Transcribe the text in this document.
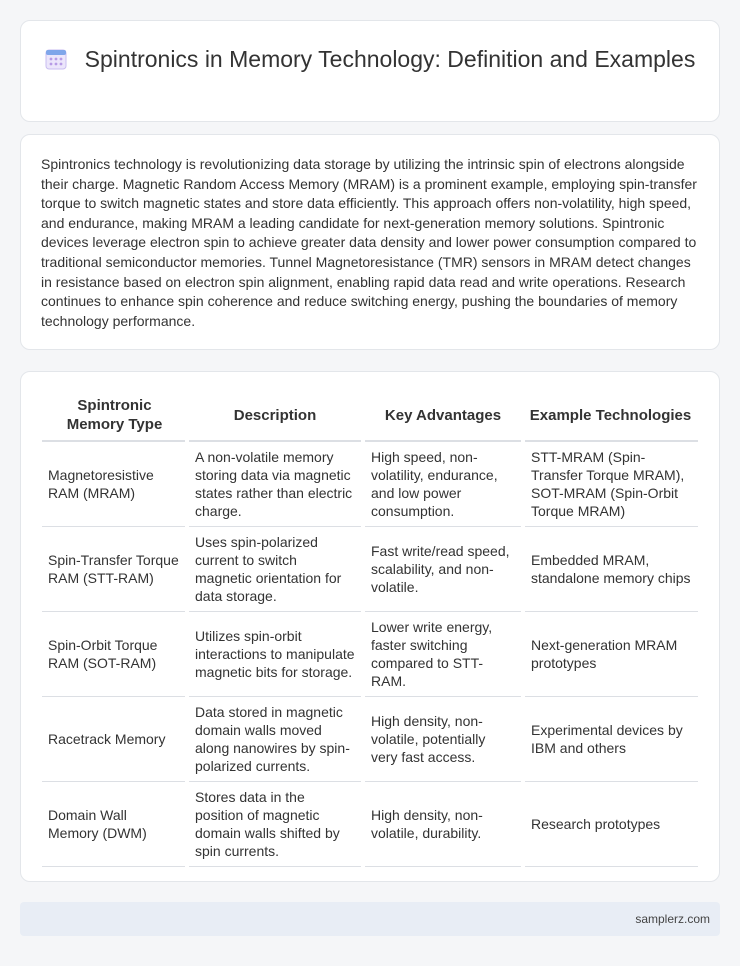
Spintronics in Memory Technology: Definition and Examples

Spintronics technology is revolutionizing data storage by utilizing the intrinsic spin of electrons alongside their charge. Magnetic Random Access Memory (MRAM) is a prominent example, employing spin-transfer torque to switch magnetic states and store data efficiently. This approach offers non-volatility, high speed, and endurance, making MRAM a leading candidate for next-generation memory solutions. Spintronic devices leverage electron spin to achieve greater data density and lower power consumption compared to traditional semiconductor memories. Tunnel Magnetoresistance (TMR) sensors in MRAM detect changes in resistance based on electron spin alignment, enabling rapid data read and write operations. Research continues to enhance spin coherence and reduce switching energy, pushing the boundaries of memory technology performance.

Spintronic Memory Type	Description	Key Advantages	Example Technologies
Magnetoresistive RAM (MRAM)	A non-volatile memory storing data via magnetic states rather than electric charge.	High speed, non-volatility, endurance, and low power consumption.	STT-MRAM (Spin-Transfer Torque MRAM), SOT-MRAM (Spin-Orbit Torque MRAM)
Spin-Transfer Torque RAM (STT-RAM)	Uses spin-polarized current to switch magnetic orientation for data storage.	Fast write/read speed, scalability, and non-volatile.	Embedded MRAM, standalone memory chips
Spin-Orbit Torque RAM (SOT-RAM)	Utilizes spin-orbit interactions to manipulate magnetic bits for storage.	Lower write energy, faster switching compared to STT-RAM.	Next-generation MRAM prototypes
Racetrack Memory	Data stored in magnetic domain walls moved along nanowires by spin-polarized currents.	High density, non-volatile, potentially very fast access.	Experimental devices by IBM and others
Domain Wall Memory (DWM)	Stores data in the position of magnetic domain walls shifted by spin currents.	High density, non-volatile, durability.	Research prototypes
samplerz.com
